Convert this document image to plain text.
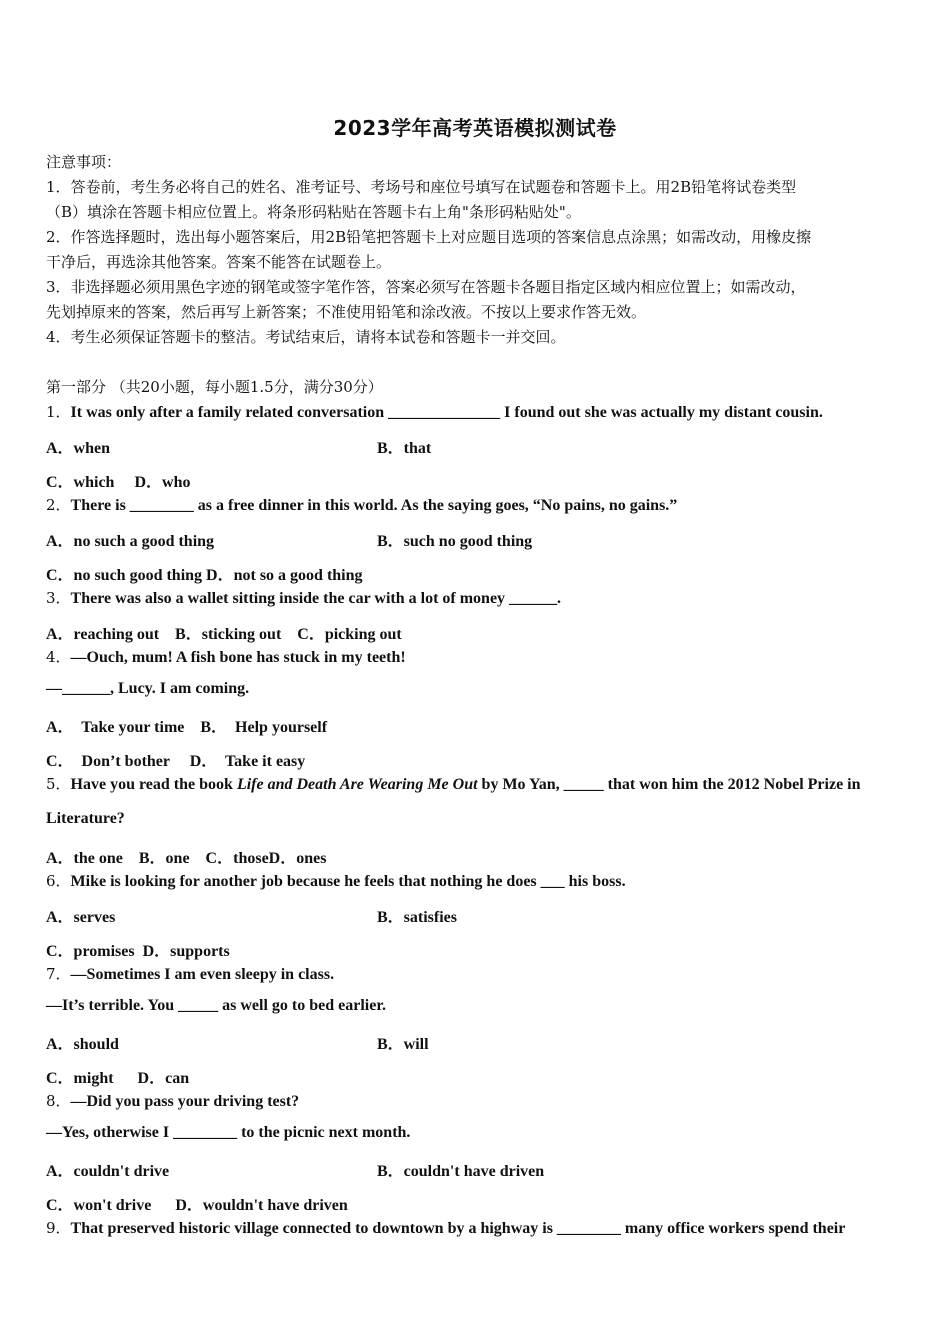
2023学年高考英语模拟测试卷
注意事项：
1．答卷前，考生务必将自己的姓名、准考证号、考场号和座位号填写在试题卷和答题卡上。用2B铅笔将试卷类型
（B）填涂在答题卡相应位置上。将条形码粘贴在答题卡右上角"条形码粘贴处"。
2．作答选择题时，选出每小题答案后，用2B铅笔把答题卡上对应题目选项的答案信息点涂黑；如需改动，用橡皮擦
干净后，再选涂其他答案。答案不能答在试题卷上。
3．非选择题必须用黑色字迹的钢笔或签字笔作答，答案必须写在答题卡各题目指定区域内相应位置上；如需改动，
先划掉原来的答案，然后再写上新答案；不准使用铅笔和涂改液。不按以上要求作答无效。
4．考生必须保证答题卡的整洁。考试结束后，请将本试卷和答题卡一并交回。
第一部分 （共20小题，每小题1.5分，满分30分）
1．It was only after a family related conversation ______________ I found out she was actually my distant cousin.
A．when	B．that
C．which     D．who
2．There is ________ as a free dinner in this world. As the saying goes, “No pains, no gains.”
A．no such a good thing	B．such no good thing
C．no such good thing D．not so a good thing
3．There was also a wallet sitting inside the car with a lot of money ______.
A．reaching out    B．sticking out    C．picking out
4．—Ouch, mum! A fish bone has stuck in my teeth!
—______, Lucy. I am coming.
A．  Take your time    B．  Help yourself
C．  Don’t bother     D．  Take it easy
5．Have you read the book Life and Death Are Wearing Me Out by Mo Yan, _____ that won him the 2012 Nobel Prize in
Literature?
A．the one    B．one    C．thoseD．ones
6．Mike is looking for another job because he feels that nothing he does ___ his boss.
A．serves	B．satisfies
C．promises  D．supports
7．—Sometimes I am even sleepy in class.
—It’s terrible. You _____ as well go to bed earlier.
A．should	B．will
C．might      D．can
8．—Did you pass your driving test?
—Yes, otherwise I ________ to the picnic next month.
A．couldn't drive	B．couldn't have driven
C．won't drive      D．wouldn't have driven
9．That preserved historic village connected to downtown by a highway is ________ many office workers spend their
